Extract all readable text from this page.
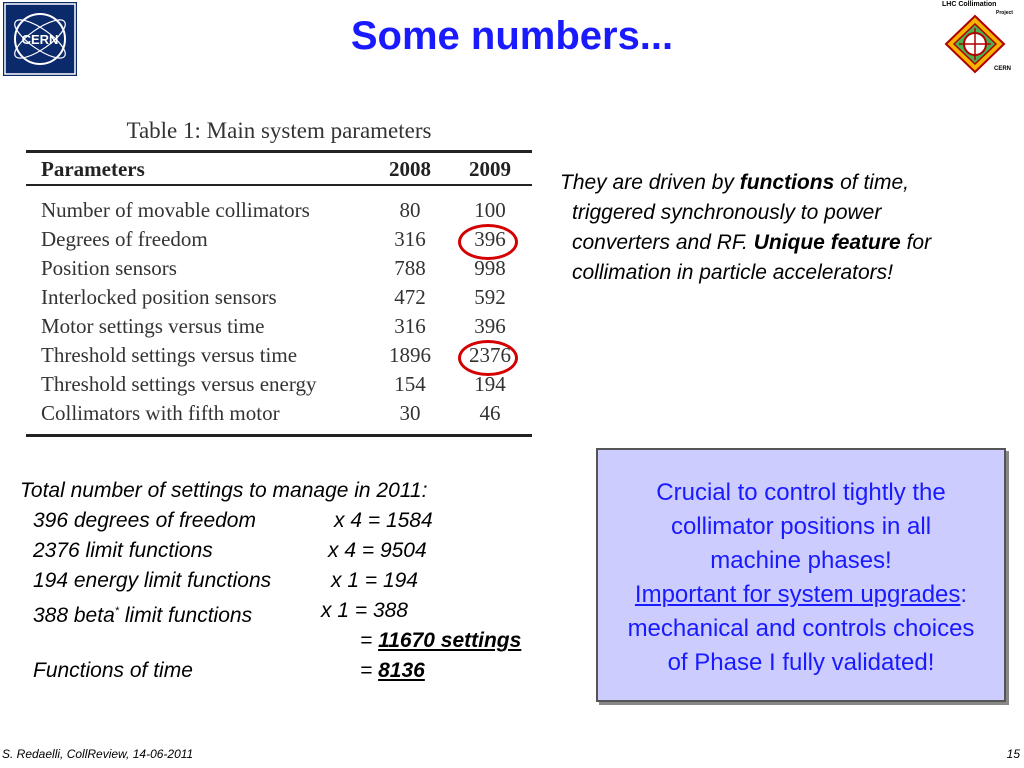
CERN	Some numbers...
LHC Collimation
Project
CERN
Table 1: Main system parameters
Parameters	2008	2009
Number of movable collimators	80	100
Degrees of freedom	316	396
Position sensors	788	998
Interlocked position sensors	472	592
Motor settings versus time	316	396
Threshold settings versus time	1896	2376
Threshold settings versus energy	154	194
Collimators with fifth motor	30	46
They are driven by functions of time,
triggered synchronously to power
converters and RF. Unique feature for
collimation in particle accelerators!
Total number of settings to manage in 2011:
396 degrees of freedom	x 4 = 1584
2376 limit functions	x 4 = 9504
194 energy limit functions	x 1 = 194
388 beta* limit functions	x 1 = 388
= 11670 settings
Functions of time	= 8136
Crucial to control tightly the
collimator positions in all
machine phases!
Important for system upgrades:
mechanical and controls choices
of Phase I fully validated!
S. Redaelli, CollReview, 14-06-2011	15
